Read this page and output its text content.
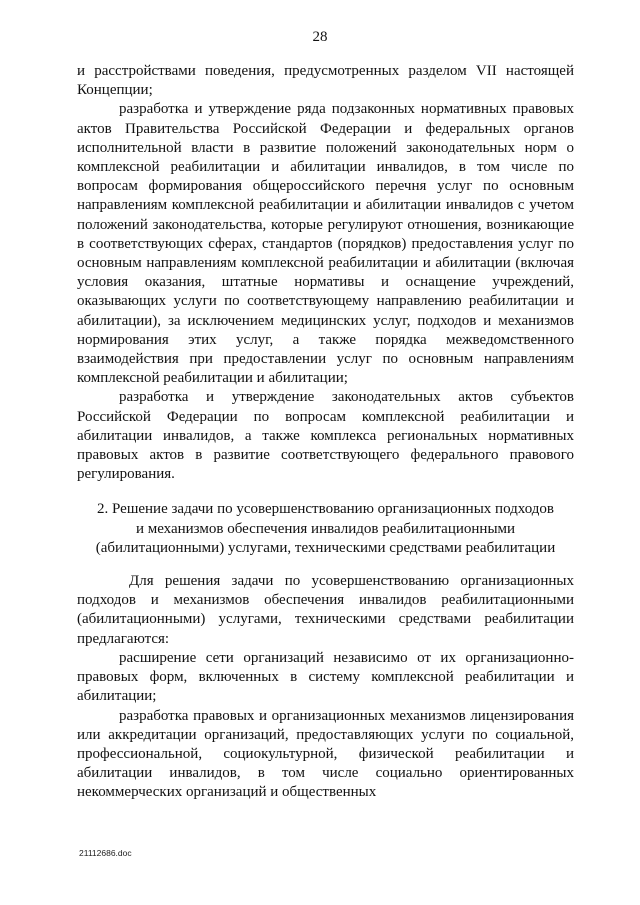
28

и расстройствами поведения, предусмотренных разделом VII настоящей Концепции;

разработка и утверждение ряда подзаконных нормативных правовых актов Правительства Российской Федерации и федеральных органов исполнительной власти в развитие положений законодательных норм о комплексной реабилитации и абилитации инвалидов, в том числе по вопросам формирования общероссийского перечня услуг по основным направлениям комплексной реабилитации и абилитации инвалидов с учетом положений законодательства, которые регулируют отношения, возникающие в соответствующих сферах, стандартов (порядков) предоставления услуг по основным направлениям комплексной реабилитации и абилитации (включая условия оказания, штатные нормативы и оснащение учреждений, оказывающих услуги по соответствующему направлению реабилитации и абилитации), за исключением медицинских услуг, подходов и механизмов нормирования этих услуг, а также порядка межведомственного взаимодействия при предоставлении услуг по основным направлениям комплексной реабилитации и абилитации;

разработка и утверждение законодательных актов субъектов Российской Федерации по вопросам комплексной реабилитации и абилитации инвалидов, а также комплекса региональных нормативных правовых актов в развитие соответствующего федерального правового регулирования.

2. Решение задачи по усовершенствованию организационных подходов
и механизмов обеспечения инвалидов реабилитационными
(абилитационными) услугами, техническими средствами реабилитации

Для решения задачи по усовершенствованию организационных подходов и механизмов обеспечения инвалидов реабилитационными (абилитационными) услугами, техническими средствами реабилитации предлагаются:

расширение сети организаций независимо от их организационно-правовых форм, включенных в систему комплексной реабилитации и абилитации;

разработка правовых и организационных механизмов лицензирования или аккредитации организаций, предоставляющих услуги по социальной, профессиональной, социокультурной, физической реабилитации и абилитации инвалидов, в том числе социально ориентированных некоммерческих организаций и общественных

21112686.doc
